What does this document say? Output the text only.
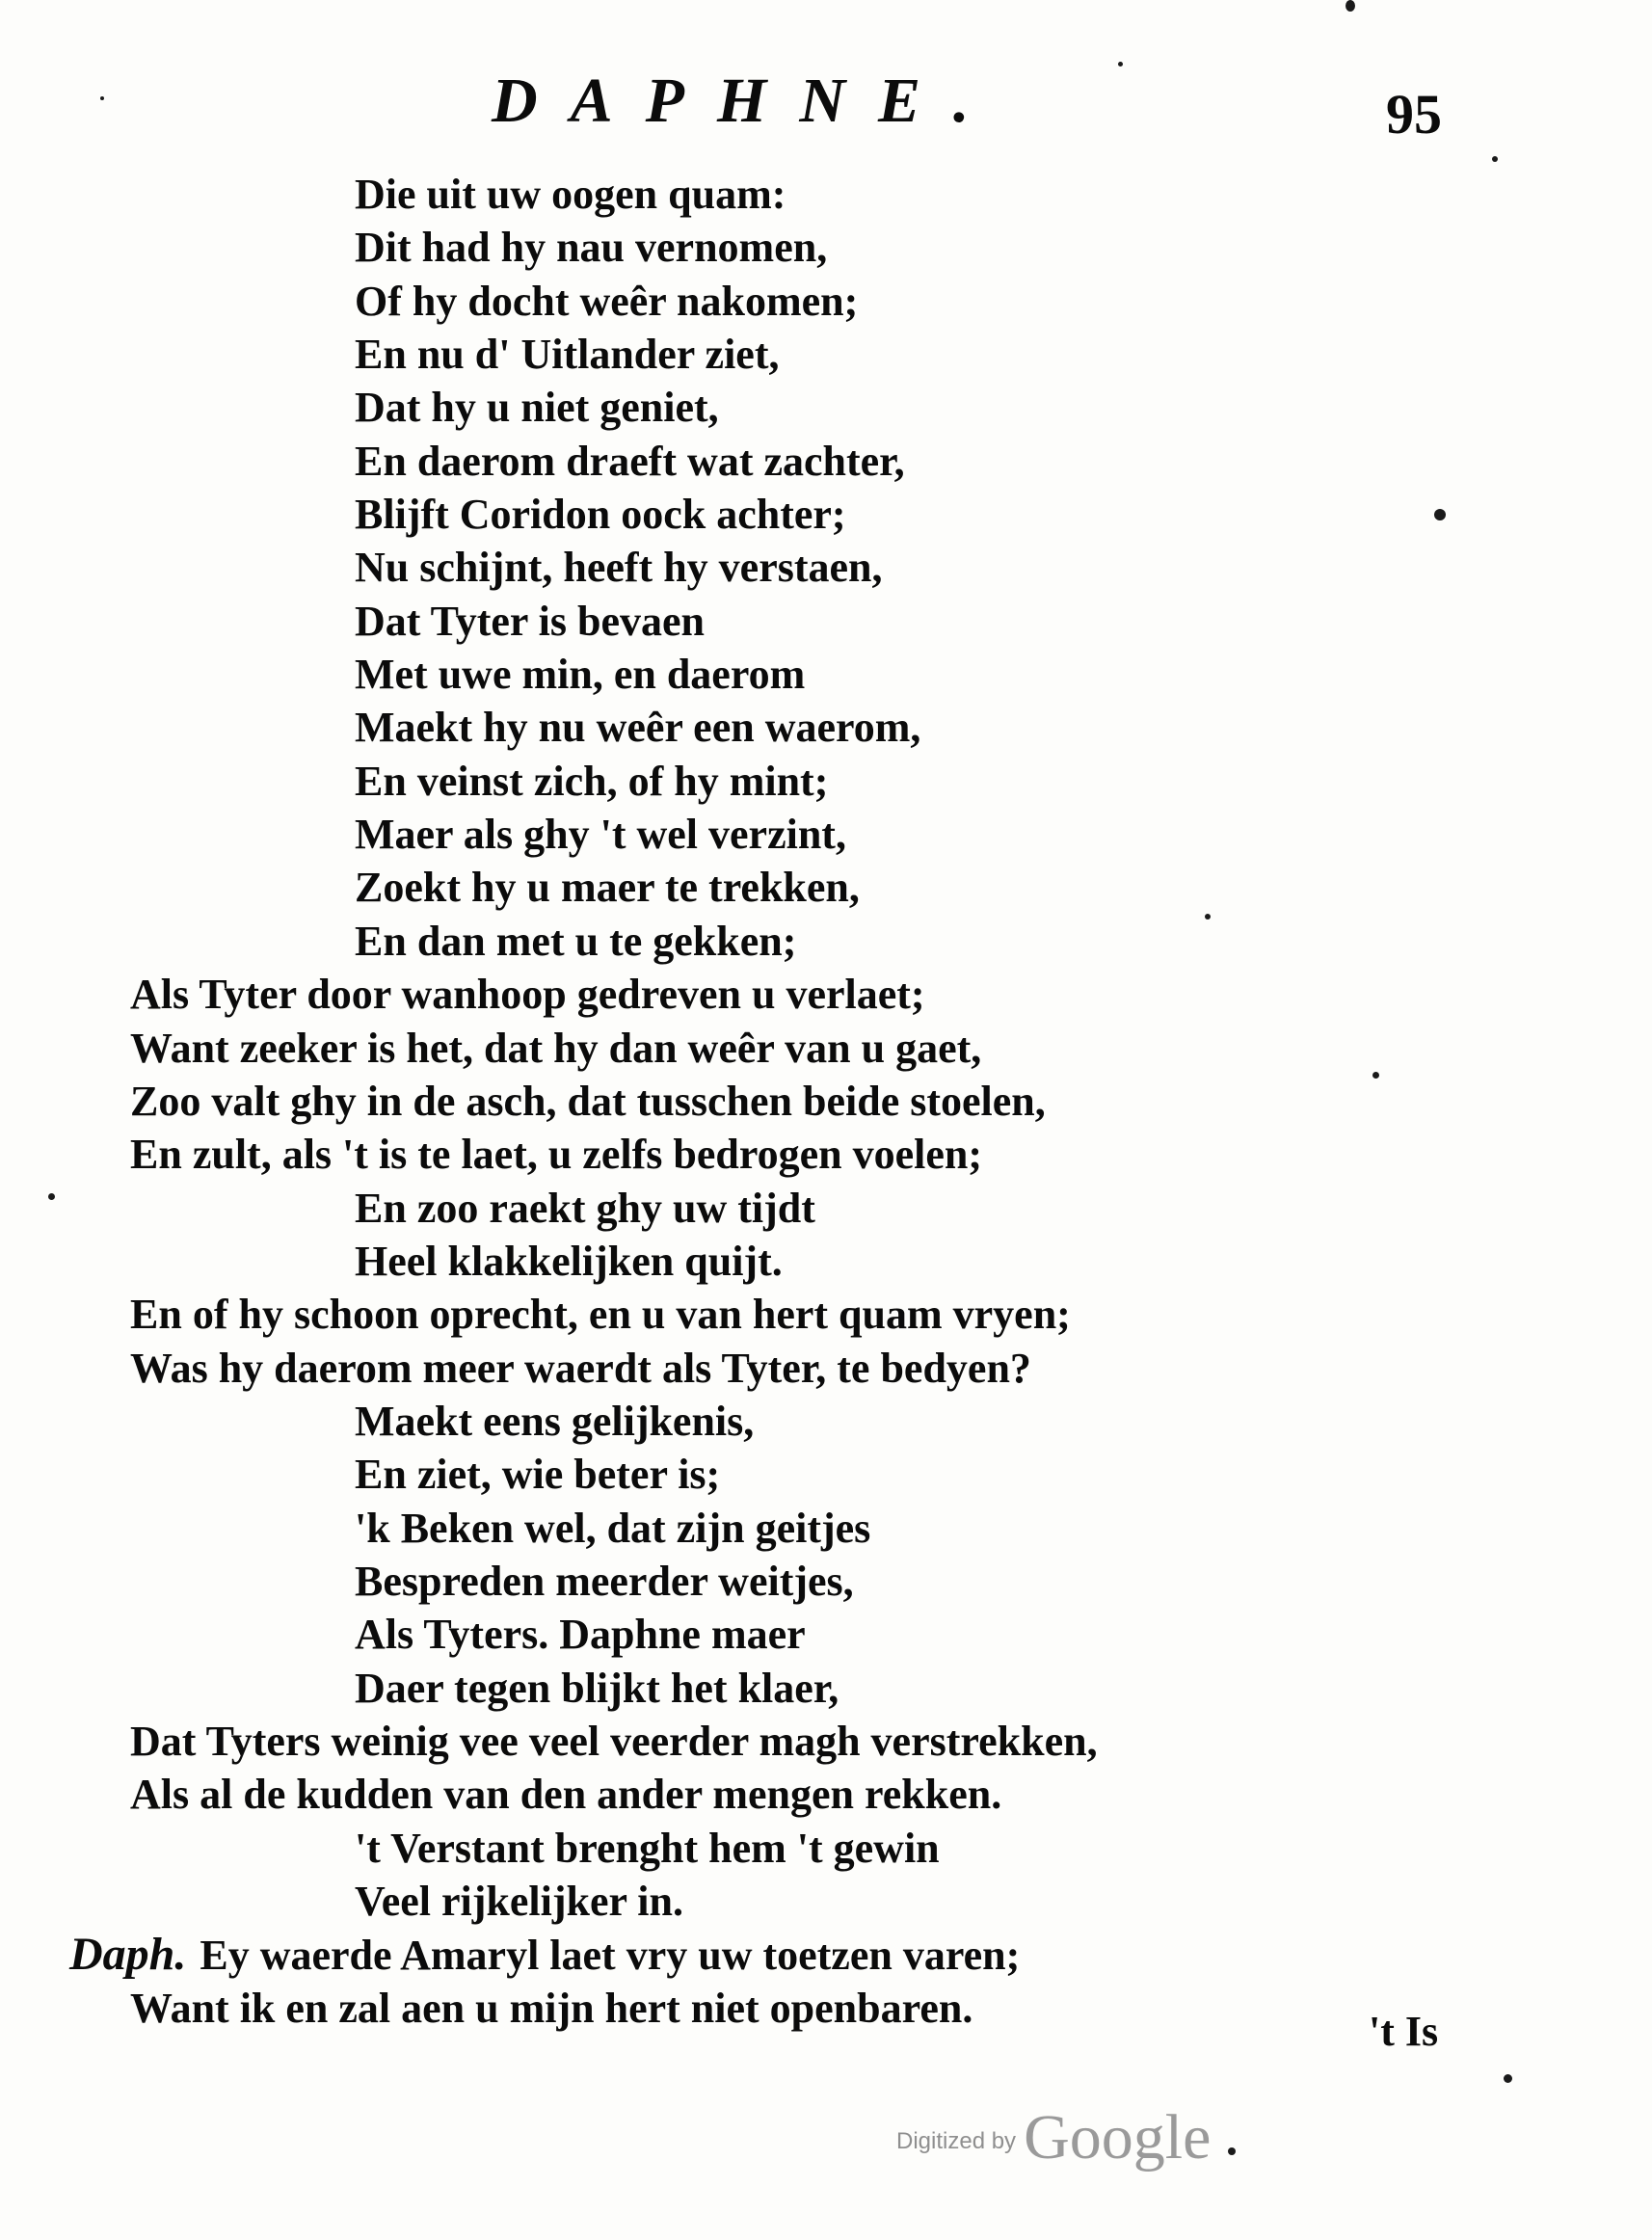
DAPHNE.	95
Die uit uw oogen quam:
Dit had hy nau vernomen,
Of hy docht weêr nakomen;
En nu d' Uitlander ziet,
Dat hy u niet geniet,
En daerom draeft wat zachter,
Blijft Coridon oock achter;
Nu schijnt, heeft hy verstaen,
Dat Tyter is bevaen
Met uwe min, en daerom
Maekt hy nu weêr een waerom,
En veinst zich, of hy mint;
Maer als ghy 't wel verzint,
Zoekt hy u maer te trekken,
En dan met u te gekken;
Als Tyter door wanhoop gedreven u verlaet;
Want zeeker is het, dat hy dan weêr van u gaet,
Zoo valt ghy in de asch, dat tusschen beide stoelen,
En zult, als 't is te laet, u zelfs bedrogen voelen;
En zoo raekt ghy uw tijdt
Heel klakkelijken quijt.
En of hy schoon oprecht, en u van hert quam vryen;
Was hy daerom meer waerdt als Tyter, te bedyen?
Maekt eens gelijkenis,
En ziet, wie beter is;
'k Beken wel, dat zijn geitjes
Bespreden meerder weitjes,
Als Tyters. Daphne maer
Daer tegen blijkt het klaer,
Dat Tyters weinig vee veel veerder magh verstrekken,
Als al de kudden van den ander mengen rekken.
't Verstant brenght hem 't gewin
Veel rijkelijker in.
Daph. Ey waerde Amaryl laet vry uw toetzen varen;
Want ik en zal aen u mijn hert niet openbaren.	't Is
Digitized by Google
